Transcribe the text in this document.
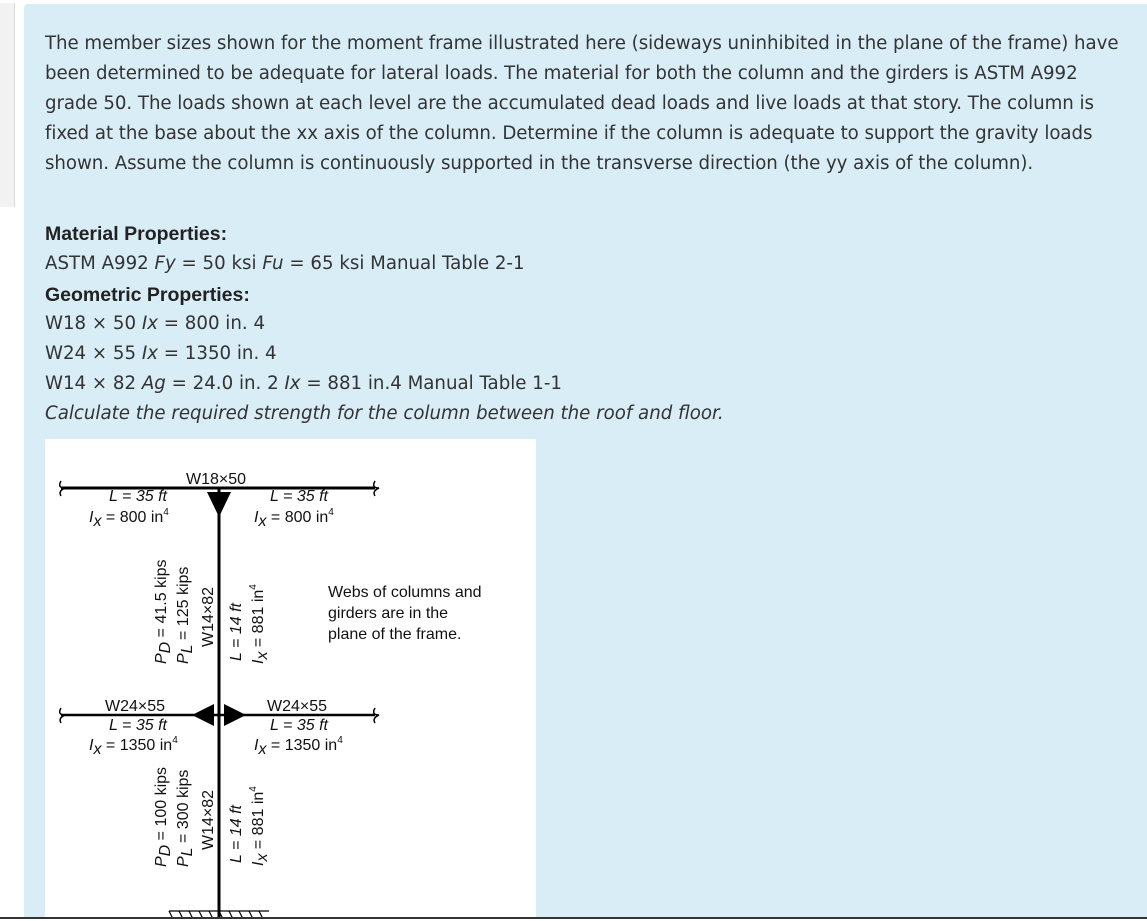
The member sizes shown for the moment frame illustrated here (sideways uninhibited in the plane of the frame) have been determined to be adequate for lateral loads. The material for both the column and the girders is ASTM A992 grade 50. The loads shown at each level are the accumulated dead loads and live loads at that story. The column is fixed at the base about the xx axis of the column. Determine if the column is adequate to support the gravity loads shown. Assume the column is continuously supported in the transverse direction (the yy axis of the column).

Material Properties:
ASTM A992 Fy = 50 ksi Fu = 65 ksi Manual Table 2-1
Geometric Properties:
W18 × 50 Ix = 800 in. 4
W24 × 55 Ix = 1350 in. 4
W14 × 82 Ag = 24.0 in. 2 Ix = 881 in.4 Manual Table 1-1
Calculate the required strength for the column between the roof and floor.
W18×50
L = 35 ft
Ix = 800 $in^4$
L = 35 ft
Ix = 800 $in^4$
PD = 41.5 kips
PL = 125 kips W14×82 L = 14 ft
Ix = 881 $in^4$	Webs of columns and
girders are in the
plane of the frame.
W24×55
L = 35 ft
Ix = 1350 $in^4$
W24×55
L = 35 ft
Ix = 1350 $in^4$
PD = 100 kips
PL = 300 kips W14×82 L = 14 ft
Ix = 881 $in^4$
